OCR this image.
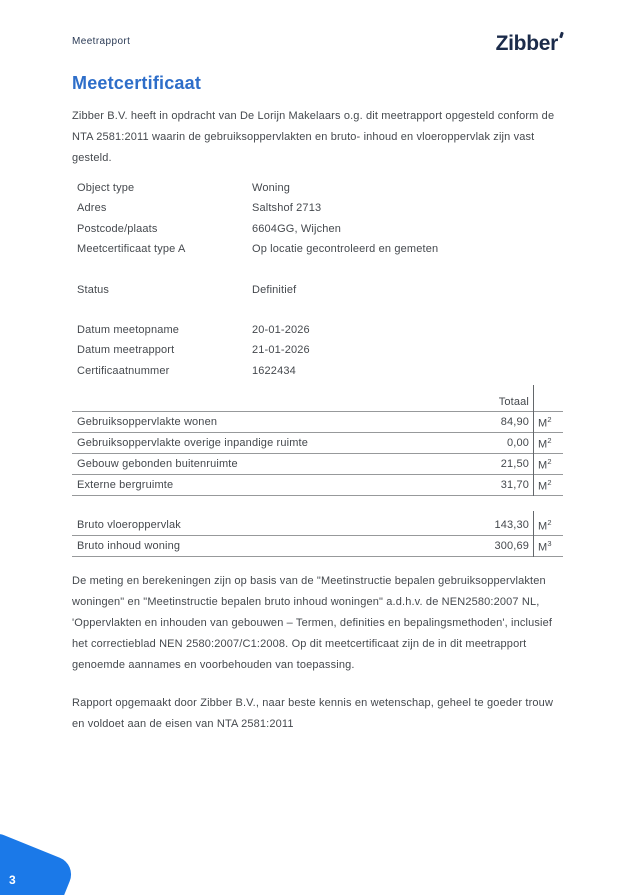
Meetrapport	Zibber
Meetcertificaat
Zibber B.V. heeft in opdracht van De Lorijn Makelaars o.g. dit meetrapport opgesteld conform de NTA 2581:2011 waarin de gebruiksoppervlakten en bruto- inhoud en vloeroppervlak zijn vast gesteld.
Object type	Woning
Adres	Saltshof 2713
Postcode/plaats	6604GG, Wijchen
Meetcertificaat type A	Op locatie gecontroleerd en gemeten
Status	Definitief
Datum meetopname	20-01-2026
Datum meetrapport	21-01-2026
Certificaatnummer	1622434
Totaal
Gebruiksoppervlakte wonen	84,90 $M^2$
Gebruiksoppervlakte overige inpandige ruimte	0,00 $M^2$
Gebouw gebonden buitenruimte	21,50 $M^2$
Externe bergruimte	31,70 $M^2$
Bruto vloeroppervlak	143,30 $M^2$
Bruto inhoud woning	300,69 $M^3$
De meting en berekeningen zijn op basis van de "Meetinstructie bepalen gebruiksoppervlakten woningen" en "Meetinstructie bepalen bruto inhoud woningen" a.d.h.v. de NEN2580:2007 NL, 'Oppervlakten en inhouden van gebouwen – Termen, definities en bepalingsmethoden', inclusief het correctieblad NEN 2580:2007/C1:2008. Op dit meetcertificaat zijn de in dit meetrapport genoemde aannames en voorbehouden van toepassing.
Rapport opgemaakt door Zibber B.V., naar beste kennis en wetenschap, geheel te goeder trouw en voldoet aan de eisen van NTA 2581:2011
3
